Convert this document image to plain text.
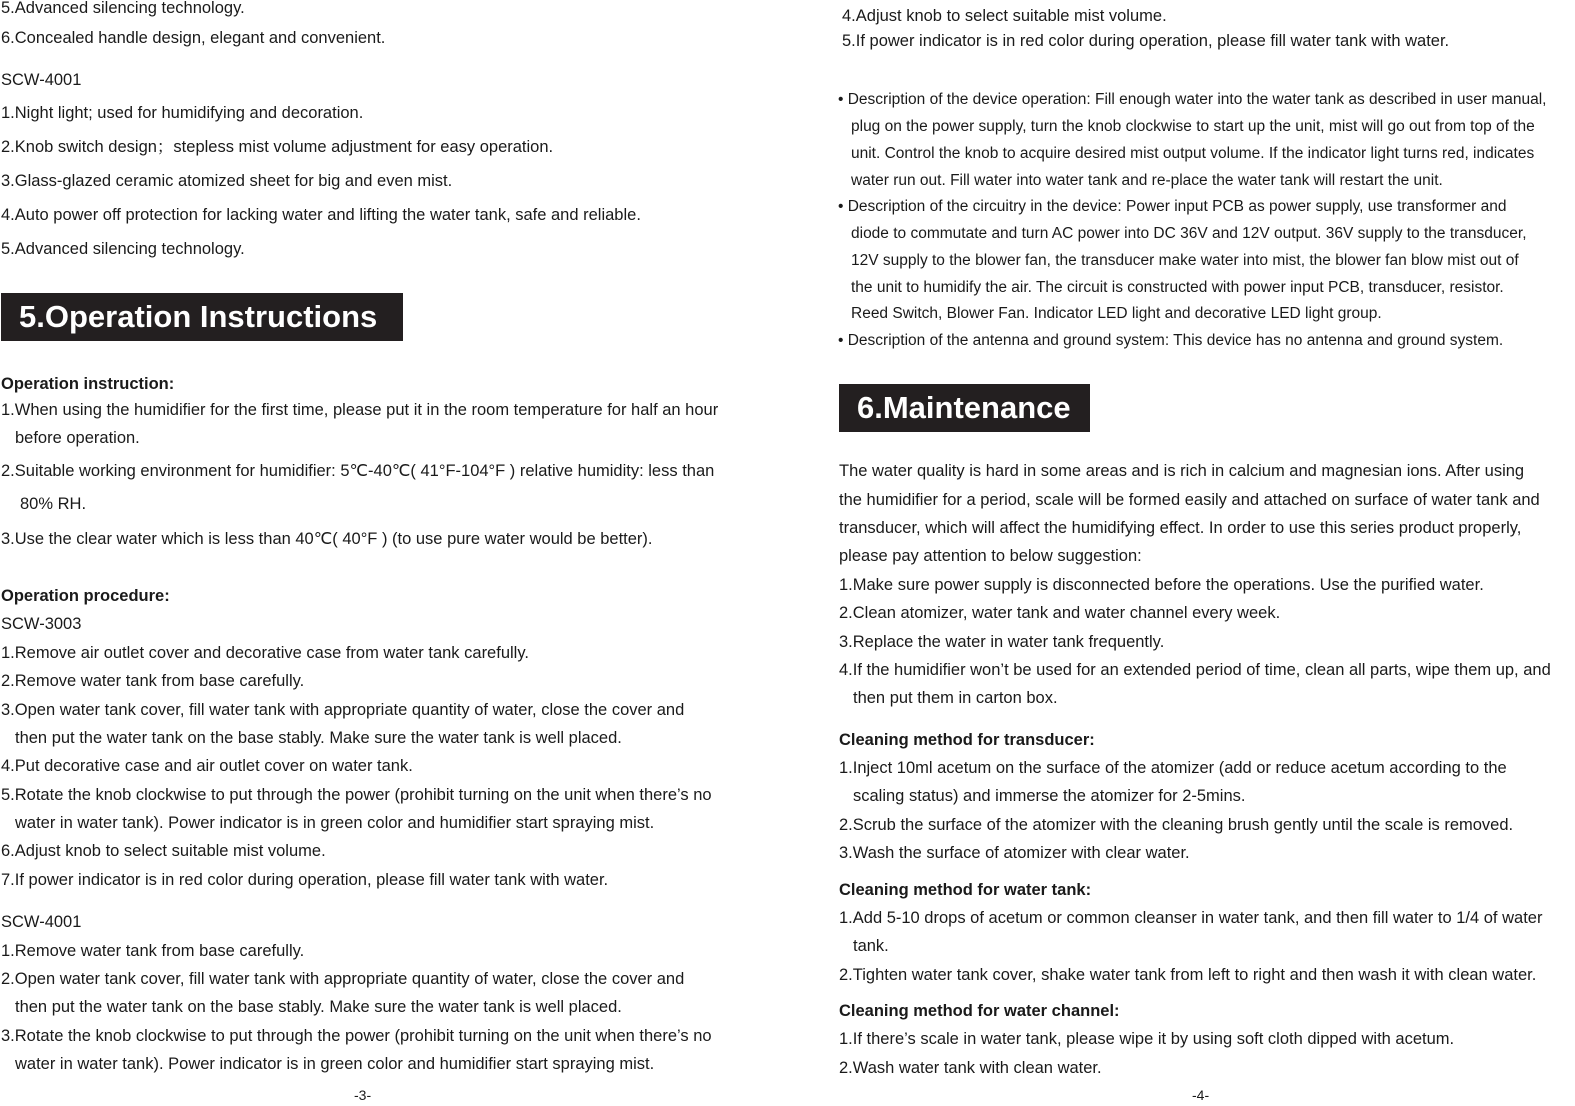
5.Advanced silencing technology.
6.Concealed handle design, elegant and convenient.
SCW-4001
1.Night light; used for humidifying and decoration.
2.Knob switch design；stepless mist volume adjustment for easy operation.
3.Glass-glazed ceramic atomized sheet for big and even mist.
4.Auto power off protection for lacking water and lifting the water tank, safe and reliable.
5.Advanced silencing technology.
5.Operation Instructions
Operation instruction:
1.When using the humidifier for the first time, please put it in the room temperature for half an hour
before operation.
2.Suitable working environment for humidifier: 5℃-40℃( 41°F-104°F ) relative humidity: less than
80% RH.
3.Use the clear water which is less than 40℃( 40°F ) (to use pure water would be better).
Operation procedure:
SCW-3003
1.Remove air outlet cover and decorative case from water tank carefully.
2.Remove water tank from base carefully.
3.Open water tank cover, fill water tank with appropriate quantity of water, close the cover and
then put the water tank on the base stably. Make sure the water tank is well placed.
4.Put decorative case and air outlet cover on water tank.
5.Rotate the knob clockwise to put through the power (prohibit turning on the unit when there’s no
water in water tank). Power indicator is in green color and humidifier start spraying mist.
6.Adjust knob to select suitable mist volume.
7.If power indicator is in red color during operation, please fill water tank with water.
SCW-4001
1.Remove water tank from base carefully.
2.Open water tank cover, fill water tank with appropriate quantity of water, close the cover and
then put the water tank on the base stably. Make sure the water tank is well placed.
3.Rotate the knob clockwise to put through the power (prohibit turning on the unit when there’s no
water in water tank). Power indicator is in green color and humidifier start spraying mist.
-3-
4.Adjust knob to select suitable mist volume.
5.If power indicator is in red color during operation, please fill water tank with water.
• Description of the device operation: Fill enough water into the water tank as described in user manual,
plug on the power supply, turn the knob clockwise to start up the unit, mist will go out from top of the
unit. Control the knob to acquire desired mist output volume. If the indicator light turns red, indicates
water run out. Fill water into water tank and re-place the water tank will restart the unit.
• Description of the circuitry in the device: Power input PCB as power supply, use transformer and
diode to commutate and turn AC power into DC 36V and 12V output. 36V supply to the transducer,
12V supply to the blower fan, the transducer make water into mist, the blower fan blow mist out of
the unit to humidify the air. The circuit is constructed with power input PCB, transducer, resistor.
Reed Switch, Blower Fan. Indicator LED light and decorative LED light group.
• Description of the antenna and ground system: This device has no antenna and ground system.
6.Maintenance
The water quality is hard in some areas and is rich in calcium and magnesian ions. After using
the humidifier for a period, scale will be formed easily and attached on surface of water tank and
transducer, which will affect the humidifying effect. In order to use this series product properly,
please pay attention to below suggestion:
1.Make sure power supply is disconnected before the operations. Use the purified water.
2.Clean atomizer, water tank and water channel every week.
3.Replace the water in water tank frequently.
4.If the humidifier won’t be used for an extended period of time, clean all parts, wipe them up, and
then put them in carton box.
Cleaning method for transducer:
1.Inject 10ml acetum on the surface of the atomizer (add or reduce acetum according to the
scaling status) and immerse the atomizer for 2-5mins.
2.Scrub the surface of the atomizer with the cleaning brush gently until the scale is removed.
3.Wash the surface of atomizer with clear water.
Cleaning method for water tank:
1.Add 5-10 drops of acetum or common cleanser in water tank, and then fill water to 1/4 of water
tank.
2.Tighten water tank cover, shake water tank from left to right and then wash it with clean water.
Cleaning method for water channel:
1.If there’s scale in water tank, please wipe it by using soft cloth dipped with acetum.
2.Wash water tank with clean water.
-4-
